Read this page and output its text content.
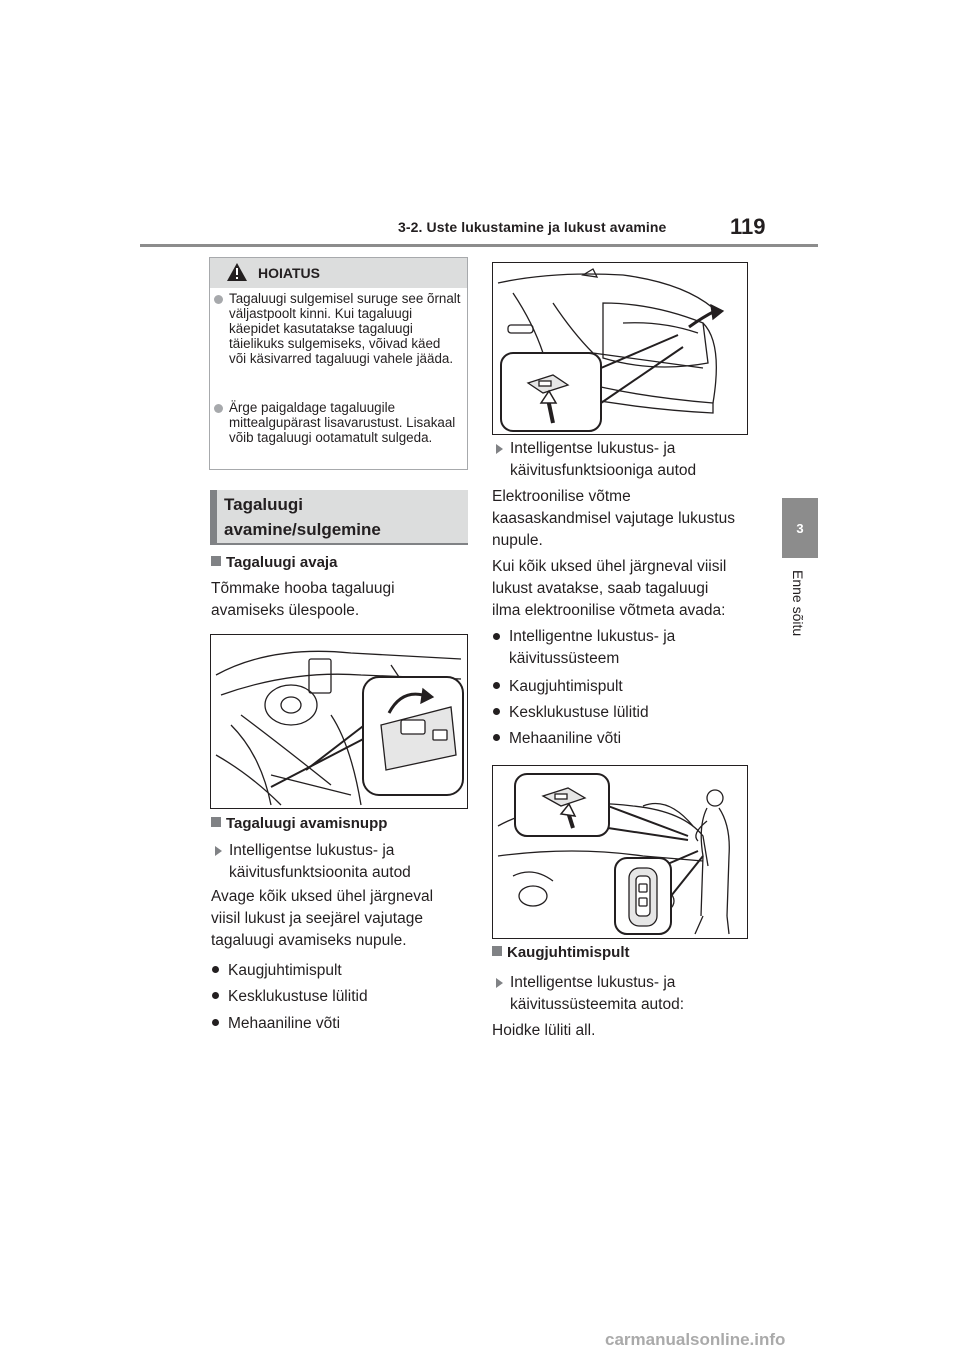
3-2. Uste lukustamine ja lukust avamine	119
3
Enne sõitu
HOIATUS
Tagaluugi sulgemisel suruge see õrnalt väljastpoolt kinni. Kui tagaluugi käepidet kasutatakse tagaluugi täielikuks sulgemiseks, võivad käed või käsivarred tagaluugi vahele jääda.
Ärge paigaldage tagaluugile mittealgupärast lisavarustust. Lisakaal võib tagaluugi ootamatult sulgeda.
Tagaluugi
avamine/sulgemine
Tagaluugi avaja
Tõmmake hooba tagaluugi avamiseks ülespoole.
Tagaluugi avamisnupp
Intelligentse lukustus- ja käivitusfunktsioonita autod
Avage kõik uksed ühel järgneval viisil lukust ja seejärel vajutage tagaluugi avamiseks nupule.
Kaugjuhtimispult
Kesklukustuse lülitid
Mehaaniline võti
Intelligentse lukustus- ja käivitusfunktsiooniga autod
Elektroonilise võtme kaasaskandmisel vajutage lukustus nupule.
Kui kõik uksed ühel järgneval viisil lukust avatakse, saab tagaluugi ilma elektroonilise võtmeta avada:
Intelligentne lukustus- ja käivitussüsteem
Kaugjuhtimispult
Kesklukustuse lülitid
Mehaaniline võti
Kaugjuhtimispult
Intelligentse lukustus- ja käivitussüsteemita autod:
Hoidke lüliti all.
carmanualsonline.info
